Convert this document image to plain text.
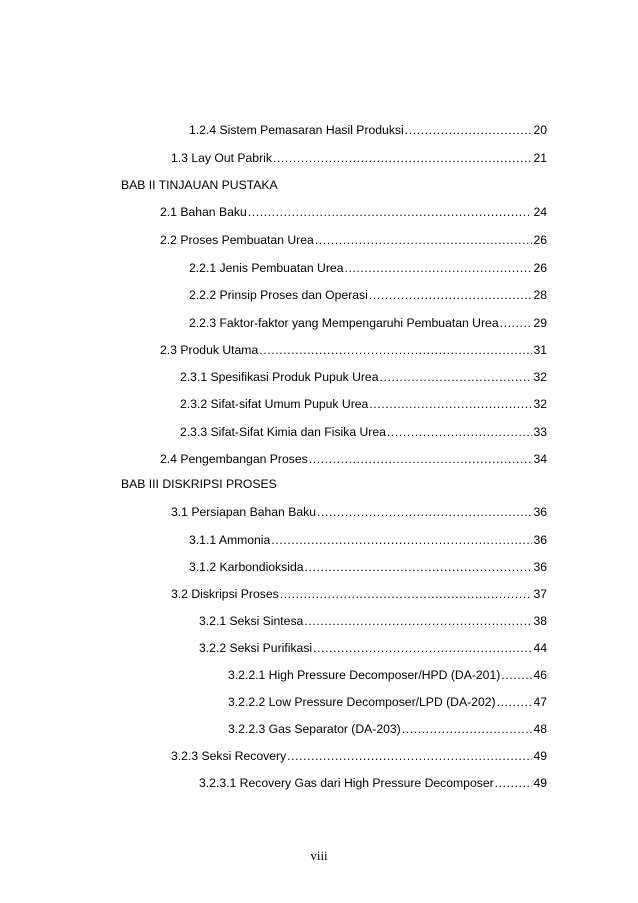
1.2.4 Sistem Pemasaran Hasil Produksi .....	20
1.3 Lay Out Pabrik .....	21
BAB II TINJAUAN PUSTAKA
2.1 Bahan Baku .....	24
2.2 Proses Pembuatan Urea .....	26
2.2.1 Jenis Pembuatan Urea .....	26
2.2.2 Prinsip Proses dan Operasi .....	28
2.2.3 Faktor-faktor yang Mempengaruhi Pembuatan Urea .....	29
2.3 Produk Utama .....	31
2.3.1 Spesifikasi Produk Pupuk Urea .....	32
2.3.2 Sifat-sifat Umum Pupuk Urea .....	32
2.3.3 Sifat-Sifat Kimia dan Fisika Urea .....	33
2.4 Pengembangan Proses .....	34
BAB III DISKRIPSI PROSES
3.1 Persiapan Bahan Baku .....	36
3.1.1 Ammonia .....	36
3.1.2 Karbondioksida .....	36
3.2 Diskripsi Proses .....	37
3.2.1 Seksi Sintesa .....	38
3.2.2 Seksi Purifikasi .....	44
3.2.2.1 High Pressure Decomposer/HPD (DA-201) .....	46
3.2.2.2 Low Pressure Decomposer/LPD (DA-202) .....	47
3.2.2.3 Gas Separator (DA-203) .....	48
3.2.3 Seksi Recovery .....	49
3.2.3.1 Recovery Gas dari High Pressure Decomposer .....	49
viii
